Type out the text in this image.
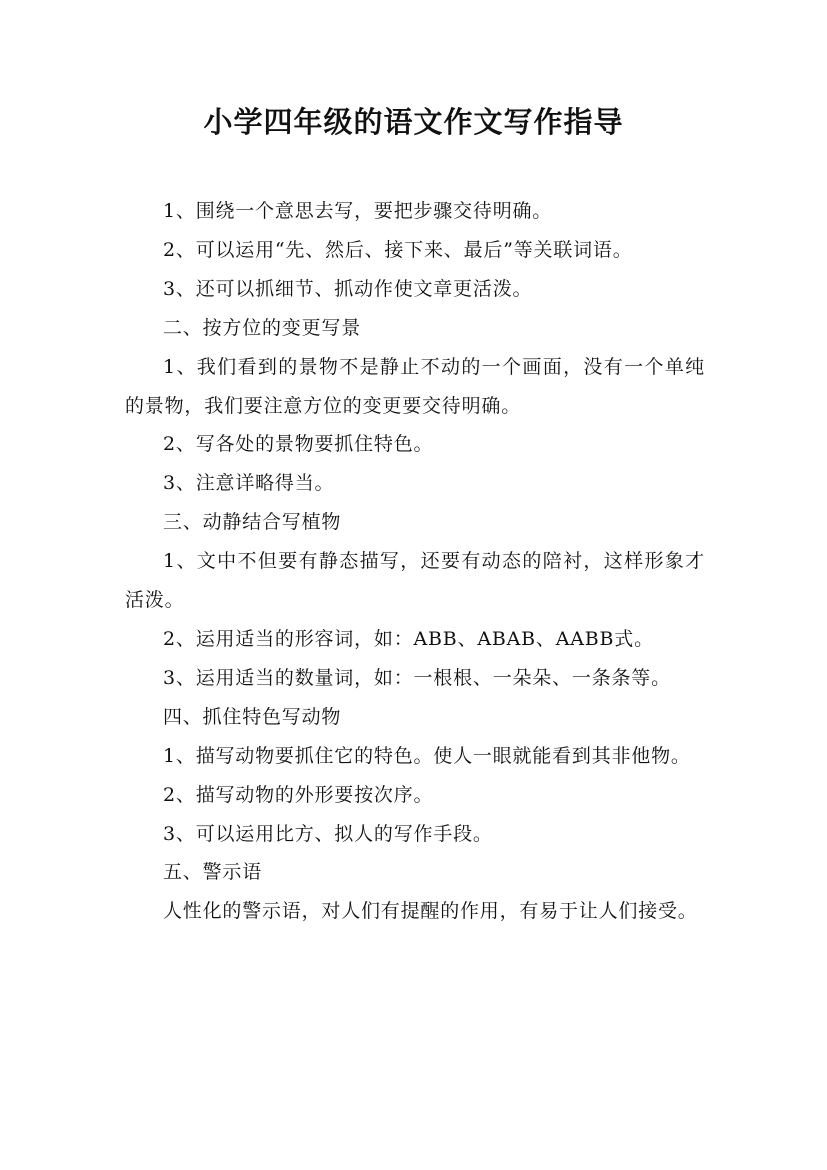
小学四年级的语文作文写作指导

1、围绕一个意思去写，要把步骤交待明确。

2、可以运用“先、然后、接下来、最后”等关联词语。

3、还可以抓细节、抓动作使文章更活泼。

二、按方位的变更写景

1、我们看到的景物不是静止不动的一个画面，没有一个单纯的景物，我们要注意方位的变更要交待明确。

2、写各处的景物要抓住特色。

3、注意详略得当。

三、动静结合写植物

1、文中不但要有静态描写，还要有动态的陪衬，这样形象才活泼。

2、运用适当的形容词，如：ABB、ABAB、AABB式。

3、运用适当的数量词，如：一根根、一朵朵、一条条等。

四、抓住特色写动物

1、描写动物要抓住它的特色。使人一眼就能看到其非他物。

2、描写动物的外形要按次序。

3、可以运用比方、拟人的写作手段。

五、警示语

人性化的警示语，对人们有提醒的作用，有易于让人们接受。
